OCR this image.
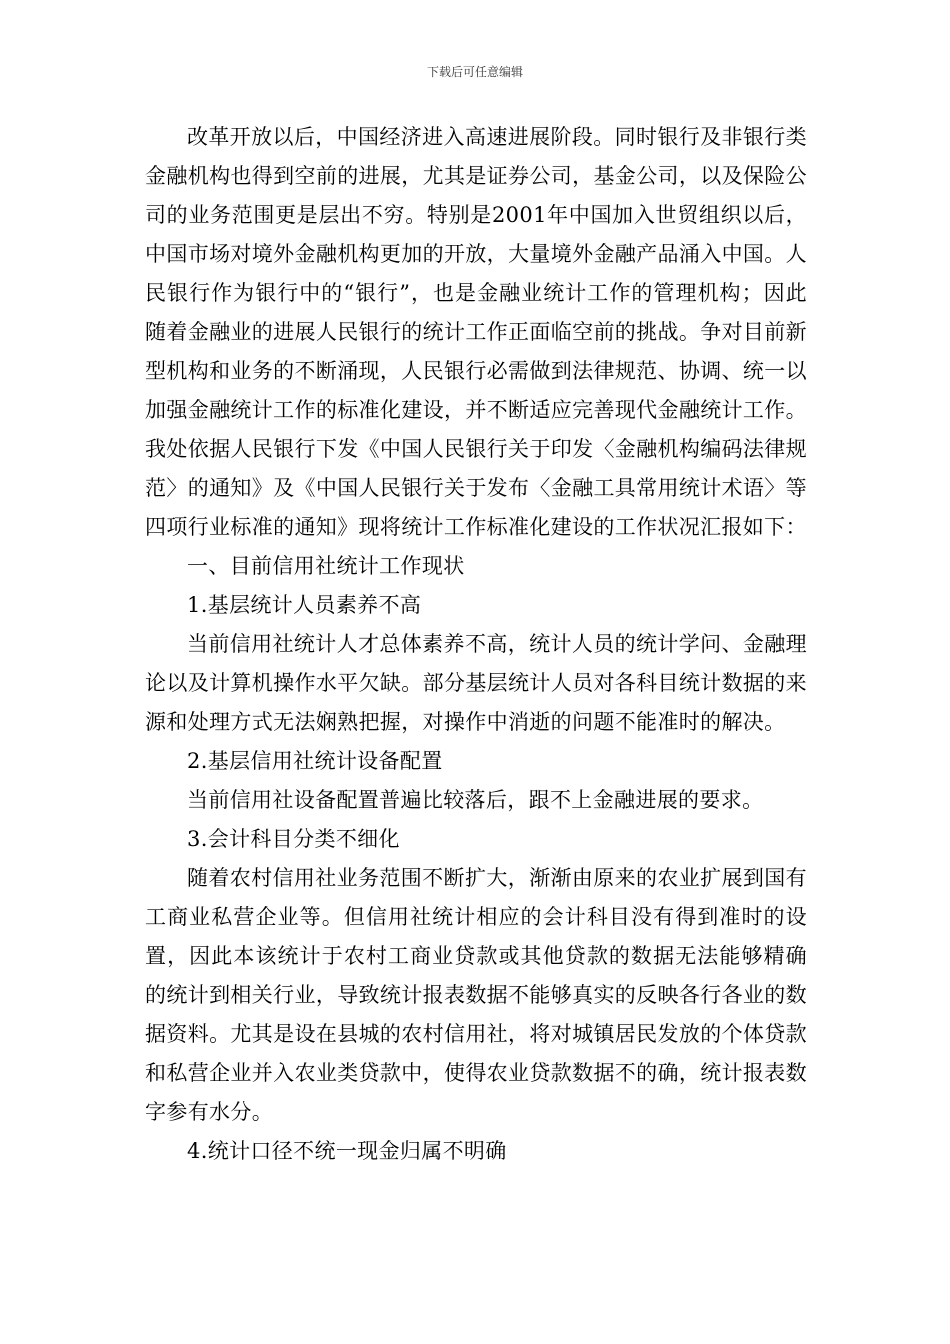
下载后可任意编辑

改革开放以后，中国经济进入高速进展阶段。同时银行及非银行类金融机构也得到空前的进展，尤其是证券公司，基金公司，以及保险公司的业务范围更是层出不穷。特别是2001年中国加入世贸组织以后，中国市场对境外金融机构更加的开放，大量境外金融产品涌入中国。人民银行作为银行中的“银行”，也是金融业统计工作的管理机构；因此随着金融业的进展人民银行的统计工作正面临空前的挑战。争对目前新型机构和业务的不断涌现，人民银行必需做到法律规范、协调、统一以加强金融统计工作的标准化建设，并不断适应完善现代金融统计工作。我处依据人民银行下发《中国人民银行关于印发〈金融机构编码法律规范〉的通知》及《中国人民银行关于发布〈金融工具常用统计术语〉等四项行业标准的通知》现将统计工作标准化建设的工作状况汇报如下：

一、目前信用社统计工作现状

1.基层统计人员素养不高

当前信用社统计人才总体素养不高，统计人员的统计学问、金融理论以及计算机操作水平欠缺。部分基层统计人员对各科目统计数据的来源和处理方式无法娴熟把握，对操作中消逝的问题不能准时的解决。

2.基层信用社统计设备配置

当前信用社设备配置普遍比较落后，跟不上金融进展的要求。

3.会计科目分类不细化

随着农村信用社业务范围不断扩大，渐渐由原来的农业扩展到国有工商业私营企业等。但信用社统计相应的会计科目没有得到准时的设置，因此本该统计于农村工商业贷款或其他贷款的数据无法能够精确　的统计到相关行业，导致统计报表数据不能够真实的反映各行各业的数据资料。尤其是设在县城的农村信用社，将对城镇居民发放的个体贷款和私营企业并入农业类贷款中，使得农业贷款数据不的确，统计报表数字参有水分。

4.统计口径不统一现金归属不明确
